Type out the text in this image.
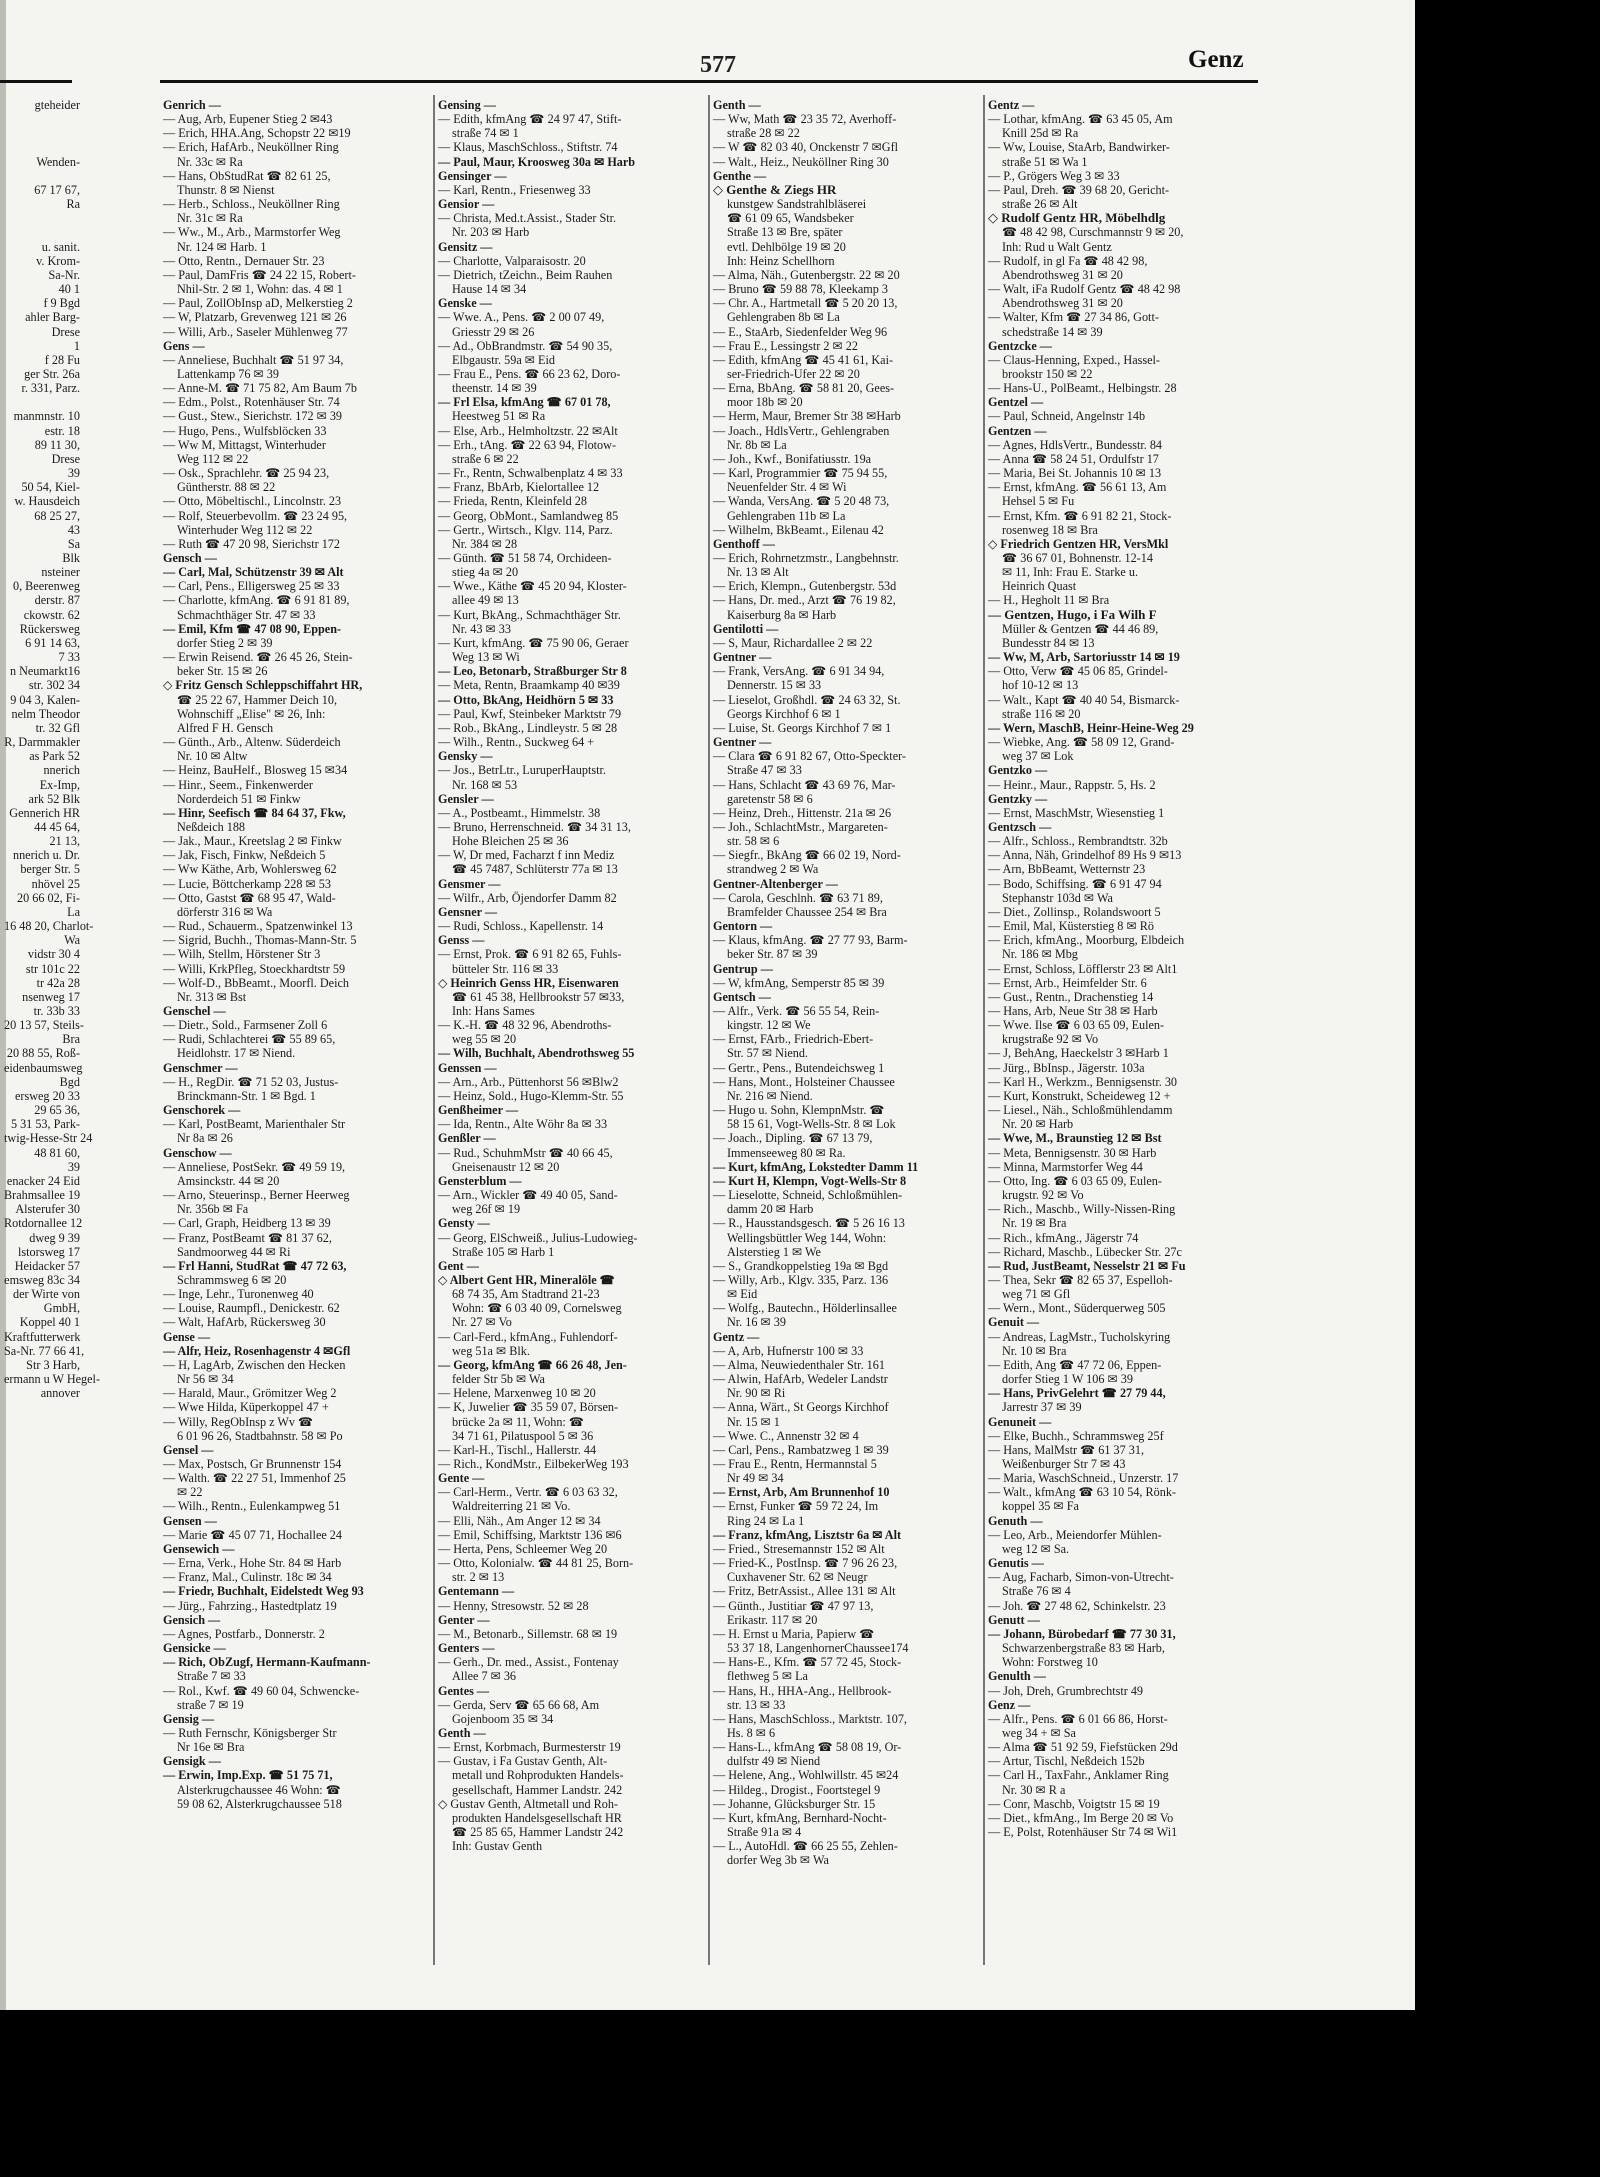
577	Genz
gteheider

Wenden-

67 17 67,
Ra

u. sanit.
v. Krom-
Sa-Nr.
40 1
f 9 Bgd
ahler Barg-
Drese
1
f 28 Fu
ger Str. 26a
r. 331, Parz.

manmnstr. 10
estr. 18
89 11 30,
Drese
39
50 54, Kiel-
w. Hausdeich
68 25 27,
43
Sa
Blk
nsteiner
0, Beerenweg
derstr. 87
ckowstr. 62
Rückersweg
6 91 14 63,
7 33
n Neumarkt16
str. 302 34
9 04 3, Kalen-
nelm Theodor
tr. 32 Gfl
R, Darmmakler
as Park 52
nnerich
Ex-Imp,
ark 52 Blk
Gennerich HR
44 45 64,
21 13,
nnerich u. Dr.
berger Str. 5
nhövel 25
20 66 02, Fi-
La
16 48 20, Charlot-
Wa
vidstr 30 4
str 101c 22
tr 42a 28
nsenweg 17
tr. 33b 33
20 13 57, Steils-
Bra
20 88 55, Roß-
eidenbaumsweg
Bgd
ersweg 20 33
29 65 36,
5 31 53, Park-
twig-Hesse-Str 24
48 81 60,
39
enacker 24 Eid
Brahmsallee 19
Alsterufer 30
Rotdornallee 12
dweg 9 39
lstorsweg 17
Heidacker 57
emsweg 83c 34
der Wirte von
GmbH,
Koppel 40 1
Kraftfutterwerk
Sa-Nr. 77 66 41,
Str 3 Harb,
ermann u W Hegel-
annover
Genrich —
— Aug, Arb, Eupener Stieg 2 ✉43
— Erich, HHA.Ang, Schopstr 22 ✉19
— Erich, HafArb., Neuköllner Ring
Nr. 33c ✉ Ra
— Hans, ObStudRat ☎ 82 61 25,
Thunstr. 8 ✉ Nienst
— Herb., Schloss., Neuköllner Ring
Nr. 31c ✉ Ra
— Ww., M., Arb., Marmstorfer Weg
Nr. 124 ✉ Harb. 1
— Otto, Rentn., Dernauer Str. 23
— Paul, DamFris ☎ 24 22 15, Robert-
Nhil-Str. 2 ✉ 1, Wohn: das. 4 ✉ 1
— Paul, ZollObInsp aD, Melkerstieg 2
— W, Platzarb, Grevenweg 121 ✉ 26
— Willi, Arb., Saseler Mühlenweg 77
Gens —
— Anneliese, Buchhalt ☎ 51 97 34,
Lattenkamp 76 ✉ 39
— Anne-M. ☎ 71 75 82, Am Baum 7b
— Edm., Polst., Rotenhäuser Str. 74
— Gust., Stew., Sierichstr. 172 ✉ 39
— Hugo, Pens., Wulfsblöcken 33
— Ww M, Mittagst, Winterhuder
Weg 112 ✉ 22
— Osk., Sprachlehr. ☎ 25 94 23,
Güntherstr. 88 ✉ 22
— Otto, Möbeltischl., Lincolnstr. 23
— Rolf, Steuerbevollm. ☎ 23 24 95,
Winterhuder Weg 112 ✉ 22
— Ruth ☎ 47 20 98, Sierichstr 172
Gensch —
— Carl, Mal, Schützenstr 39 ✉ Alt
— Carl, Pens., Elligersweg 25 ✉ 33
— Charlotte, kfmAng. ☎ 6 91 81 89,
Schmachthäger Str. 47 ✉ 33
— Emil, Kfm ☎ 47 08 90, Eppen-
dorfer Stieg 2 ✉ 39
— Erwin Reisend. ☎ 26 45 26, Stein-
beker Str. 15 ✉ 26
◇ Fritz Gensch Schleppschiffahrt HR,
☎ 25 22 67, Hammer Deich 10,
Wohnschiff „Elise" ✉ 26, Inh:
Alfred F H. Gensch
— Günth., Arb., Altenw. Süderdeich
Nr. 10 ✉ Altw
— Heinz, BauHelf., Blosweg 15 ✉34
— Hinr., Seem., Finkenwerder
Norderdeich 51 ✉ Finkw
— Hinr, Seefisch ☎ 84 64 37, Fkw,
Neßdeich 188
— Jak., Maur., Kreetslag 2 ✉ Finkw
— Jak, Fisch, Finkw, Neßdeich 5
— Ww Käthe, Arb, Wohlersweg 62
— Lucie, Böttcherkamp 228 ✉ 53
— Otto, Gastst ☎ 68 95 47, Wald-
dörferstr 316 ✉ Wa
— Rud., Schauerm., Spatzenwinkel 13
— Sigrid, Buchh., Thomas-Mann-Str. 5
— Wilh, Stellm, Hörstener Str 3
— Willi, KrkPfleg, Stoeckhardtstr 59
— Wolf-D., BbBeamt., Moorfl. Deich
Nr. 313 ✉ Bst
Genschel —
— Dietr., Sold., Farmsener Zoll 6
— Rudi, Schlachterei ☎ 55 89 65,
Heidlohstr. 17 ✉ Niend.
Genschmer —
— H., RegDir. ☎ 71 52 03, Justus-
Brinckmann-Str. 1 ✉ Bgd. 1
Genschorek —
— Karl, PostBeamt, Marienthaler Str
Nr 8a ✉ 26
Genschow —
— Anneliese, PostSekr. ☎ 49 59 19,
Amsinckstr. 44 ✉ 20
— Arno, Steuerinsp., Berner Heerweg
Nr. 356b ✉ Fa
— Carl, Graph, Heidberg 13 ✉ 39
— Franz, PostBeamt ☎ 81 37 62,
Sandmoorweg 44 ✉ Ri
— Frl Hanni, StudRat ☎ 47 72 63,
Schrammsweg 6 ✉ 20
— Inge, Lehr., Turonenweg 40
— Louise, Raumpfl., Denickestr. 62
— Walt, HafArb, Rückersweg 30
Gense —
— Alfr, Heiz, Rosenhagenstr 4 ✉Gfl
— H, LagArb, Zwischen den Hecken
Nr 56 ✉ 34
— Harald, Maur., Grömitzer Weg 2
— Wwe Hilda, Küperkoppel 47 +
— Willy, RegObInsp z Wv ☎
6 01 96 26, Stadtbahnstr. 58 ✉ Po
Gensel —
— Max, Postsch, Gr Brunnenstr 154
— Walth. ☎ 22 27 51, Immenhof 25
✉ 22
— Wilh., Rentn., Eulenkampweg 51
Gensen —
— Marie ☎ 45 07 71, Hochallee 24
Gensewich —
— Erna, Verk., Hohe Str. 84 ✉ Harb
— Franz, Mal., Culinstr. 18c ✉ 34
— Friedr, Buchhalt, Eidelstedt Weg 93
— Jürg., Fahrzing., Hastedtplatz 19
Gensich —
— Agnes, Postfarb., Donnerstr. 2
Gensicke —
— Rich, ObZugf, Hermann-Kaufmann-
Straße 7 ✉ 33
— Rol., Kwf. ☎ 49 60 04, Schwencke-
straße 7 ✉ 19
Gensig —
— Ruth Fernschr, Königsberger Str
Nr 16e ✉ Bra
Gensigk —
— Erwin, Imp.Exp. ☎ 51 75 71,
Alsterkrugchaussee 46 Wohn: ☎
59 08 62, Alsterkrugchaussee 518
Gensing —
— Edith, kfmAng ☎ 24 97 47, Stift-
straße 74 ✉ 1
— Klaus, MaschSchloss., Stiftstr. 74
— Paul, Maur, Kroosweg 30a ✉ Harb
Gensinger —
— Karl, Rentn., Friesenweg 33
Gensior —
— Christa, Med.t.Assist., Stader Str.
Nr. 203 ✉ Harb
Gensitz —
— Charlotte, Valparaisostr. 20
— Dietrich, tZeichn., Beim Rauhen
Hause 14 ✉ 34
Genske —
— Wwe. A., Pens. ☎ 2 00 07 49,
Griesstr 29 ✉ 26
— Ad., ObBrandmstr. ☎ 54 90 35,
Elbgaustr. 59a ✉ Eid
— Frau E., Pens. ☎ 66 23 62, Doro-
theenstr. 14 ✉ 39
— Frl Elsa, kfmAng ☎ 67 01 78,
Heestweg 51 ✉ Ra
— Else, Arb., Helmholtzstr. 22 ✉Alt
— Erh., tAng. ☎ 22 63 94, Flotow-
straße 6 ✉ 22
— Fr., Rentn, Schwalbenplatz 4 ✉ 33
— Franz, BbArb, Kielortallee 12
— Frieda, Rentn, Kleinfeld 28
— Georg, ObMont., Samlandweg 85
— Gertr., Wirtsch., Klgv. 114, Parz.
Nr. 384 ✉ 28
— Günth. ☎ 51 58 74, Orchideen-
stieg 4a ✉ 20
— Wwe., Käthe ☎ 45 20 94, Kloster-
allee 49 ✉ 13
— Kurt, BkAng., Schmachthäger Str.
Nr. 43 ✉ 33
— Kurt, kfmAng. ☎ 75 90 06, Geraer
Weg 13 ✉ Wi
— Leo, Betonarb, Straßburger Str 8
— Meta, Rentn, Braamkamp 40 ✉39
— Otto, BkAng, Heidhörn 5 ✉ 33
— Paul, Kwf, Steinbeker Marktstr 79
— Rob., BkAng., Lindleystr. 5 ✉ 28
— Wilh., Rentn., Suckweg 64 +
Gensky —
— Jos., BetrLtr., LuruperHauptstr.
Nr. 168 ✉ 53
Gensler —
— A., Postbeamt., Himmelstr. 38
— Bruno, Herrenschneid. ☎ 34 31 13,
Hohe Bleichen 25 ✉ 36
— W, Dr med, Facharzt f inn Mediz
☎ 45 7487, Schlüterstr 77a ✉ 13
Gensmer —
— Wilfr., Arb, Öjendorfer Damm 82
Gensner —
— Rudi, Schloss., Kapellenstr. 14
Genss —
— Ernst, Prok. ☎ 6 91 82 65, Fuhls-
bütteler Str. 116 ✉ 33
◇ Heinrich Genss HR, Eisenwaren
☎ 61 45 38, Hellbrookstr 57 ✉33,
Inh: Hans Sames
— K.-H. ☎ 48 32 96, Abendroths-
weg 55 ✉ 20
— Wilh, Buchhalt, Abendrothsweg 55
Genssen —
— Arn., Arb., Püttenhorst 56 ✉Blw2
— Heinz, Sold., Hugo-Klemm-Str. 55
Genßheimer —
— Ida, Rentn., Alte Wöhr 8a ✉ 33
Genßler —
— Rud., SchuhmMstr ☎ 40 66 45,
Gneisenaustr 12 ✉ 20
Gensterblum —
— Arn., Wickler ☎ 49 40 05, Sand-
weg 26f ✉ 19
Gensty —
— Georg, ElSchweiß., Julius-Ludowieg-
Straße 105 ✉ Harb 1
Gent —
◇ Albert Gent HR, Mineralöle ☎
68 74 35, Am Stadtrand 21-23
Wohn: ☎ 6 03 40 09, Cornelsweg
Nr. 27 ✉ Vo
— Carl-Ferd., kfmAng., Fuhlendorf-
weg 51a ✉ Blk.
— Georg, kfmAng ☎ 66 26 48, Jen-
felder Str 5b ✉ Wa
— Helene, Marxenweg 10 ✉ 20
— K, Juwelier ☎ 35 59 07, Börsen-
brücke 2a ✉ 11, Wohn: ☎
34 71 61, Pilatuspool 5 ✉ 36
— Karl-H., Tischl., Hallerstr. 44
— Rich., KondMstr., EilbekerWeg 193
Gente —
— Carl-Herm., Vertr. ☎ 6 03 63 32,
Waldreiterring 21 ✉ Vo.
— Elli, Näh., Am Anger 12 ✉ 34
— Emil, Schiffsing, Marktstr 136 ✉6
— Herta, Pens, Schleemer Weg 20
— Otto, Kolonialw. ☎ 44 81 25, Born-
str. 2 ✉ 13
Gentemann —
— Henny, Stresowstr. 52 ✉ 28
Genter —
— M., Betonarb., Sillemstr. 68 ✉ 19
Genters —
— Gerh., Dr. med., Assist., Fontenay
Allee 7 ✉ 36
Gentes —
— Gerda, Serv ☎ 65 66 68, Am
Gojenboom 35 ✉ 34
Genth —
— Ernst, Korbmach, Burmesterstr 19
— Gustav, i Fa Gustav Genth, Alt-
metall und Rohprodukten Handels-
gesellschaft, Hammer Landstr. 242
◇ Gustav Genth, Altmetall und Roh-
produkten Handelsgesellschaft HR
☎ 25 85 65, Hammer Landstr 242
Inh: Gustav Genth
Genth —
— Ww, Math ☎ 23 35 72, Averhoff-
straße 28 ✉ 22
— W ☎ 82 03 40, Onckenstr 7 ✉Gfl
— Walt., Heiz., Neuköllner Ring 30
Genthe —
◇ Genthe & Ziegs HR
kunstgew Sandstrahlbläserei
☎ 61 09 65, Wandsbeker
Straße 13 ✉ Bre, später
evtl. Dehlbölge 19 ✉ 20
Inh: Heinz Schellhorn
— Alma, Näh., Gutenbergstr. 22 ✉ 20
— Bruno ☎ 59 88 78, Kleekamp 3
— Chr. A., Hartmetall ☎ 5 20 20 13,
Gehlengraben 8b ✉ La
— E., StaArb, Siedenfelder Weg 96
— Frau E., Lessingstr 2 ✉ 22
— Edith, kfmAng ☎ 45 41 61, Kai-
ser-Friedrich-Ufer 22 ✉ 20
— Erna, BbAng. ☎ 58 81 20, Gees-
moor 18b ✉ 20
— Herm, Maur, Bremer Str 38 ✉Harb
— Joach., HdlsVertr., Gehlengraben
Nr. 8b ✉ La
— Joh., Kwf., Bonifatiusstr. 19a
— Karl, Programmier ☎ 75 94 55,
Neuenfelder Str. 4 ✉ Wi
— Wanda, VersAng. ☎ 5 20 48 73,
Gehlengraben 11b ✉ La
— Wilhelm, BkBeamt., Eilenau 42
Genthoff —
— Erich, Rohrnetzmstr., Langbehnstr.
Nr. 13 ✉ Alt
— Erich, Klempn., Gutenbergstr. 53d
— Hans, Dr. med., Arzt ☎ 76 19 82,
Kaiserburg 8a ✉ Harb
Gentilotti —
— S, Maur, Richardallee 2 ✉ 22
Gentner —
— Frank, VersAng. ☎ 6 91 34 94,
Dennerstr. 15 ✉ 33
— Lieselot, Großhdl. ☎ 24 63 32, St.
Georgs Kirchhof 6 ✉ 1
— Luise, St. Georgs Kirchhof 7 ✉ 1
Gentner —
— Clara ☎ 6 91 82 67, Otto-Speckter-
Straße 47 ✉ 33
— Hans, Schlacht ☎ 43 69 76, Mar-
garetenstr 58 ✉ 6
— Heinz, Dreh., Hittenstr. 21a ✉ 26
— Joh., SchlachtMstr., Margareten-
str. 58 ✉ 6
— Siegfr., BkAng ☎ 66 02 19, Nord-
strandweg 2 ✉ Wa
Gentner-Altenberger —
— Carola, Geschlnh. ☎ 63 71 89,
Bramfelder Chaussee 254 ✉ Bra
Gentorn —
— Klaus, kfmAng. ☎ 27 77 93, Barm-
beker Str. 87 ✉ 39
Gentrup —
— W, kfmAng, Semperstr 85 ✉ 39
Gentsch —
— Alfr., Verk. ☎ 56 55 54, Rein-
kingstr. 12 ✉ We
— Ernst, FArb., Friedrich-Ebert-
Str. 57 ✉ Niend.
— Gertr., Pens., Butendeichsweg 1
— Hans, Mont., Holsteiner Chaussee
Nr. 216 ✉ Niend.
— Hugo u. Sohn, KlempnMstr. ☎
58 15 61, Vogt-Wells-Str. 8 ✉ Lok
— Joach., Dipling. ☎ 67 13 79,
Immenseeweg 80 ✉ Ra.
— Kurt, kfmAng, Lokstedter Damm 11
— Kurt H, Klempn, Vogt-Wells-Str 8
— Lieselotte, Schneid, Schloßmühlen-
damm 20 ✉ Harb
— R., Hausstandsgesch. ☎ 5 26 16 13
Wellingsbüttler Weg 144, Wohn:
Alsterstieg 1 ✉ We
— S., Grandkoppelstieg 19a ✉ Bgd
— Willy, Arb., Klgv. 335, Parz. 136
✉ Eid
— Wolfg., Bautechn., Hölderlinsallee
Nr. 16 ✉ 39
Gentz —
— A, Arb, Hufnerstr 100 ✉ 33
— Alma, Neuwiedenthaler Str. 161
— Alwin, HafArb, Wedeler Landstr
Nr. 90 ✉ Ri
— Anna, Wärt., St Georgs Kirchhof
Nr. 15 ✉ 1
— Wwe. C., Annenstr 32 ✉ 4
— Carl, Pens., Rambatzweg 1 ✉ 39
— Frau E., Rentn, Hermannstal 5
Nr 49 ✉ 34
— Ernst, Arb, Am Brunnenhof 10
— Ernst, Funker ☎ 59 72 24, Im
Ring 24 ✉ La 1
— Franz, kfmAng, Lisztstr 6a ✉ Alt
— Fried., Stresemannstr 152 ✉ Alt
— Fried-K., PostInsp. ☎ 7 96 26 23,
Cuxhavener Str. 62 ✉ Neugr
— Fritz, BetrAssist., Allee 131 ✉ Alt
— Günth., Justitiar ☎ 47 97 13,
Erikastr. 117 ✉ 20
— H. Ernst u Maria, Papierw ☎
53 37 18, LangenhornerChaussee174
— Hans-E., Kfm. ☎ 57 72 45, Stock-
flethweg 5 ✉ La
— Hans, H., HHA-Ang., Hellbrook-
str. 13 ✉ 33
— Hans, MaschSchloss., Marktstr. 107,
Hs. 8 ✉ 6
— Hans-L., kfmAng ☎ 58 08 19, Or-
dulfstr 49 ✉ Niend
— Helene, Ang., Wohlwillstr. 45 ✉24
— Hildeg., Drogist., Foortstegel 9
— Johanne, Glücksburger Str. 15
— Kurt, kfmAng, Bernhard-Nocht-
Straße 91a ✉ 4
— L., AutoHdl. ☎ 66 25 55, Zehlen-
dorfer Weg 3b ✉ Wa
Gentz —
— Lothar, kfmAng. ☎ 63 45 05, Am
Knill 25d ✉ Ra
— Ww, Louise, StaArb, Bandwirker-
straße 51 ✉ Wa 1
— P., Grögers Weg 3 ✉ 33
— Paul, Dreh. ☎ 39 68 20, Gericht-
straße 26 ✉ Alt
◇ Rudolf Gentz HR, Möbelhdlg
☎ 48 42 98, Curschmannstr 9 ✉ 20,
Inh: Rud u Walt Gentz
— Rudolf, in gl Fa ☎ 48 42 98,
Abendrothsweg 31 ✉ 20
— Walt, iFa Rudolf Gentz ☎ 48 42 98
Abendrothsweg 31 ✉ 20
— Walter, Kfm ☎ 27 34 86, Gott-
schedstraße 14 ✉ 39
Gentzcke —
— Claus-Henning, Exped., Hassel-
brookstr 150 ✉ 22
— Hans-U., PolBeamt., Helbingstr. 28
Gentzel —
— Paul, Schneid, Angelnstr 14b
Gentzen —
— Agnes, HdlsVertr., Bundesstr. 84
— Anna ☎ 58 24 51, Ordulfstr 17
— Maria, Bei St. Johannis 10 ✉ 13
— Ernst, kfmAng. ☎ 56 61 13, Am
Hehsel 5 ✉ Fu
— Ernst, Kfm. ☎ 6 91 82 21, Stock-
rosenweg 18 ✉ Bra
◇ Friedrich Gentzen HR, VersMkl
☎ 36 67 01, Bohnenstr. 12-14
✉ 11, Inh: Frau E. Starke u.
Heinrich Quast
— H., Hegholt 11 ✉ Bra
— Gentzen, Hugo, i Fa Wilh F
Müller & Gentzen ☎ 44 46 89,
Bundesstr 84 ✉ 13
— Ww, M, Arb, Sartoriusstr 14 ✉ 19
— Otto, Verw ☎ 45 06 85, Grindel-
hof 10-12 ✉ 13
— Walt., Kapt ☎ 40 40 54, Bismarck-
straße 116 ✉ 20
— Wern, MaschB, Heinr-Heine-Weg 29
— Wiebke, Ang. ☎ 58 09 12, Grand-
weg 37 ✉ Lok
Gentzko —
— Heinr., Maur., Rappstr. 5, Hs. 2
Gentzky —
— Ernst, MaschMstr, Wiesenstieg 1
Gentzsch —
— Alfr., Schloss., Rembrandtstr. 32b
— Anna, Näh, Grindelhof 89 Hs 9 ✉13
— Arn, BbBeamt, Wetternstr 23
— Bodo, Schiffsing. ☎ 6 91 47 94
Stephanstr 103d ✉ Wa
— Diet., Zollinsp., Rolandswoort 5
— Emil, Mal, Küsterstieg 8 ✉ Rö
— Erich, kfmAng., Moorburg, Elbdeich
Nr. 186 ✉ Mbg
— Ernst, Schloss, Löfflerstr 23 ✉ Alt1
— Ernst, Arb., Heimfelder Str. 6
— Gust., Rentn., Drachenstieg 14
— Hans, Arb, Neue Str 38 ✉ Harb
— Wwe. Ilse ☎ 6 03 65 09, Eulen-
krugstraße 92 ✉ Vo
— J, BehAng, Haeckelstr 3 ✉Harb 1
— Jürg., BbInsp., Jägerstr. 103a
— Karl H., Werkzm., Bennigsenstr. 30
— Kurt, Konstrukt, Scheideweg 12 +
— Liesel., Näh., Schloßmühlendamm
Nr. 20 ✉ Harb
— Wwe, M., Braunstieg 12 ✉ Bst
— Meta, Bennigsenstr. 30 ✉ Harb
— Minna, Marmstorfer Weg 44
— Otto, Ing. ☎ 6 03 65 09, Eulen-
krugstr. 92 ✉ Vo
— Rich., Maschb., Willy-Nissen-Ring
Nr. 19 ✉ Bra
— Rich., kfmAng., Jägerstr 74
— Richard, Maschb., Lübecker Str. 27c
— Rud, JustBeamt, Nesselstr 21 ✉ Fu
— Thea, Sekr ☎ 82 65 37, Espelloh-
weg 71 ✉ Gfl
— Wern., Mont., Süderquerweg 505
Genuit —
— Andreas, LagMstr., Tucholskyring
Nr. 10 ✉ Bra
— Edith, Ang ☎ 47 72 06, Eppen-
dorfer Stieg 1 W 106 ✉ 39
— Hans, PrivGelehrt ☎ 27 79 44,
Jarrestr 37 ✉ 39
Genuneit —
— Elke, Buchh., Schrammsweg 25f
— Hans, MalMstr ☎ 61 37 31,
Weißenburger Str 7 ✉ 43
— Maria, WaschSchneid., Unzerstr. 17
— Walt., kfmAng ☎ 63 10 54, Rönk-
koppel 35 ✉ Fa
Genuth —
— Leo, Arb., Meiendorfer Mühlen-
weg 12 ✉ Sa.
Genutis —
— Aug, Facharb, Simon-von-Utrecht-
Straße 76 ✉ 4
— Joh. ☎ 27 48 62, Schinkelstr. 23
Genutt —
— Johann, Bürobedarf ☎ 77 30 31,
Schwarzenbergstraße 83 ✉ Harb,
Wohn: Forstweg 10
Genulth —
— Joh, Dreh, Grumbrechtstr 49
Genz —
— Alfr., Pens. ☎ 6 01 66 86, Horst-
weg 34 + ✉ Sa
— Alma ☎ 51 92 59, Fiefstücken 29d
— Artur, Tischl, Neßdeich 152b
— Carl H., TaxFahr., Anklamer Ring
Nr. 30 ✉ R a
— Conr, Maschb, Voigtstr 15 ✉ 19
— Diet., kfmAng., Im Berge 20 ✉ Vo
— E, Polst, Rotenhäuser Str 74 ✉ Wi1
